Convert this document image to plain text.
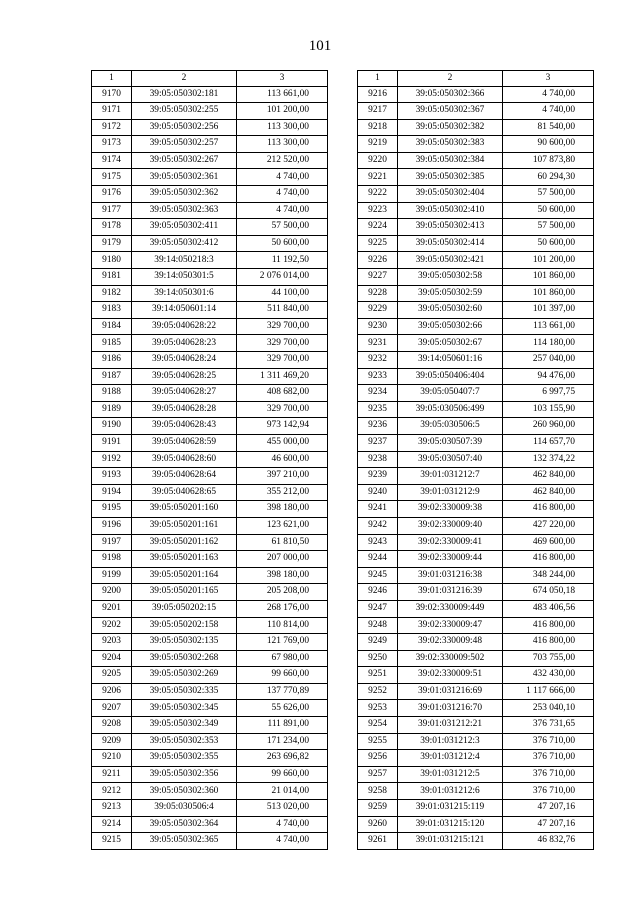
101
1	2	3
9170	39:05:050302:181	113 661,00
9171	39:05:050302:255	101 200,00
9172	39:05:050302:256	113 300,00
9173	39:05:050302:257	113 300,00
9174	39:05:050302:267	212 520,00
9175	39:05:050302:361	4 740,00
9176	39:05:050302:362	4 740,00
9177	39:05:050302:363	4 740,00
9178	39:05:050302:411	57 500,00
9179	39:05:050302:412	50 600,00
9180	39:14:050218:3	11 192,50
9181	39:14:050301:5	2 076 014,00
9182	39:14:050301:6	44 100,00
9183	39:14:050601:14	511 840,00
9184	39:05:040628:22	329 700,00
9185	39:05:040628:23	329 700,00
9186	39:05:040628:24	329 700,00
9187	39:05:040628:25	1 311 469,20
9188	39:05:040628:27	408 682,00
9189	39:05:040628:28	329 700,00
9190	39:05:040628:43	973 142,94
9191	39:05:040628:59	455 000,00
9192	39:05:040628:60	46 600,00
9193	39:05:040628:64	397 210,00
9194	39:05:040628:65	355 212,00
9195	39:05:050201:160	398 180,00
9196	39:05:050201:161	123 621,00
9197	39:05:050201:162	61 810,50
9198	39:05:050201:163	207 000,00
9199	39:05:050201:164	398 180,00
9200	39:05:050201:165	205 208,00
9201	39:05:050202:15	268 176,00
9202	39:05:050202:158	110 814,00
9203	39:05:050302:135	121 769,00
9204	39:05:050302:268	67 980,00
9205	39:05:050302:269	99 660,00
9206	39:05:050302:335	137 770,89
9207	39:05:050302:345	55 626,00
9208	39:05:050302:349	111 891,00
9209	39:05:050302:353	171 234,00
9210	39:05:050302:355	263 696,82
9211	39:05:050302:356	99 660,00
9212	39:05:050302:360	21 014,00
9213	39:05:030506:4	513 020,00
9214	39:05:050302:364	4 740,00
9215	39:05:050302:365	4 740,00
1	2	3
9216	39:05:050302:366	4 740,00
9217	39:05:050302:367	4 740,00
9218	39:05:050302:382	81 540,00
9219	39:05:050302:383	90 600,00
9220	39:05:050302:384	107 873,80
9221	39:05:050302:385	60 294,30
9222	39:05:050302:404	57 500,00
9223	39:05:050302:410	50 600,00
9224	39:05:050302:413	57 500,00
9225	39:05:050302:414	50 600,00
9226	39:05:050302:421	101 200,00
9227	39:05:050302:58	101 860,00
9228	39:05:050302:59	101 860,00
9229	39:05:050302:60	101 397,00
9230	39:05:050302:66	113 661,00
9231	39:05:050302:67	114 180,00
9232	39:14:050601:16	257 040,00
9233	39:05:050406:404	94 476,00
9234	39:05:050407:7	6 997,75
9235	39:05:030506:499	103 155,90
9236	39:05:030506:5	260 960,00
9237	39:05:030507:39	114 657,70
9238	39:05:030507:40	132 374,22
9239	39:01:031212:7	462 840,00
9240	39:01:031212:9	462 840,00
9241	39:02:330009:38	416 800,00
9242	39:02:330009:40	427 220,00
9243	39:02:330009:41	469 600,00
9244	39:02:330009:44	416 800,00
9245	39:01:031216:38	348 244,00
9246	39:01:031216:39	674 050,18
9247	39:02:330009:449	483 406,56
9248	39:02:330009:47	416 800,00
9249	39:02:330009:48	416 800,00
9250	39:02:330009:502	703 755,00
9251	39:02:330009:51	432 430,00
9252	39:01:031216:69	1 117 666,00
9253	39:01:031216:70	253 040,10
9254	39:01:031212:21	376 731,65
9255	39:01:031212:3	376 710,00
9256	39:01:031212:4	376 710,00
9257	39:01:031212:5	376 710,00
9258	39:01:031212:6	376 710,00
9259	39:01:031215:119	47 207,16
9260	39:01:031215:120	47 207,16
9261	39:01:031215:121	46 832,76
